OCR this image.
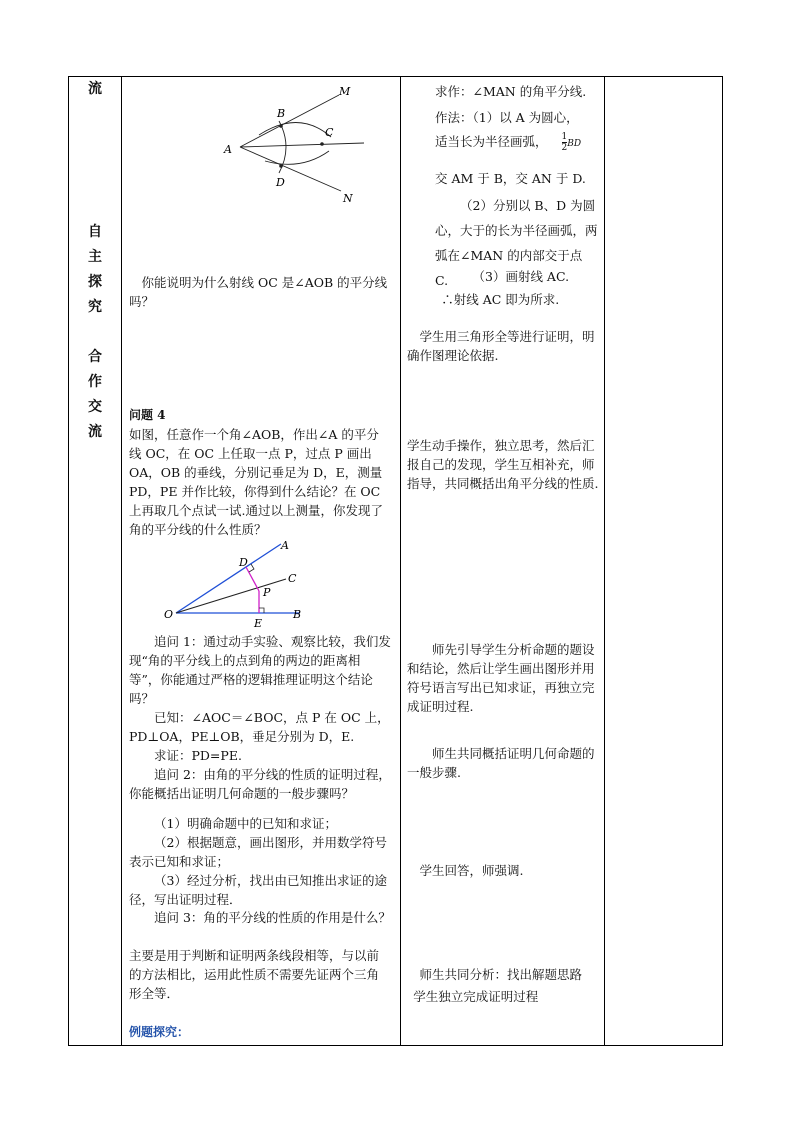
流
自
主
探
究
合
作
交
流
M
B
C
A
D
N

你能说明为什么射线 OC 是∠AOB 的平分线吗？

问题 4

如图，任意作一个角∠AOB，作出∠A 的平分线 OC，在 OC 上任取一点 P，过点 P 画出 OA，OB 的垂线，分别记垂足为 D，E，测量 PD，PE 并作比较，你得到什么结论？在 OC 上再取几个点试一试.通过以上测量，你发现了角的平分线的什么性质？

A
D
C
P
O
E
B

追问 1：通过动手实验、观察比较，我们发现“角的平分线上的点到角的两边的距离相等”，你能通过严格的逻辑推理证明这个结论吗？

已知：∠AOC＝∠BOC，点 P 在 OC 上，PD⊥OA，PE⊥OB，垂足分别为 D，E.

求证：PD=PE.

追问 2：由角的平分线的性质的证明过程，你能概括出证明几何命题的一般步骤吗？

（1）明确命题中的已知和求证；

（2）根据题意，画出图形，并用数学符号表示已知和求证；

（3）经过分析，找出由已知推出求证的途径，写出证明过程．

追问 3：角的平分线的性质的作用是什么？

主要是用于判断和证明两条线段相等，与以前的方法相比，运用此性质不需要先证两个三角形全等．

例题探究：

求作：∠MAN 的角平分线.

作法：（1）以 A 为圆心，

适当长为半径画弧， $\frac{1}{2}$ BD

交 AM 于 B，交 AN 于 D.

（2）分别以 B、D 为圆心，大于的长为半径画弧，两弧在∠MAN 的内部交于点 C.	（3）画射线 AC.

∴射线 AC 即为所求.

学生用三角形全等进行证明，明确作图理论依据.

学生动手操作，独立思考，然后汇报自己的发现，学生互相补充，师指导，共同概括出角平分线的性质.

师先引导学生分析命题的题设和结论，然后让学生画出图形并用符号语言写出已知求证，再独立完成证明过程.

师生共同概括证明几何命题的一般步骤.

学生回答，师强调.

师生共同分析：找出解题思路

学生独立完成证明过程
